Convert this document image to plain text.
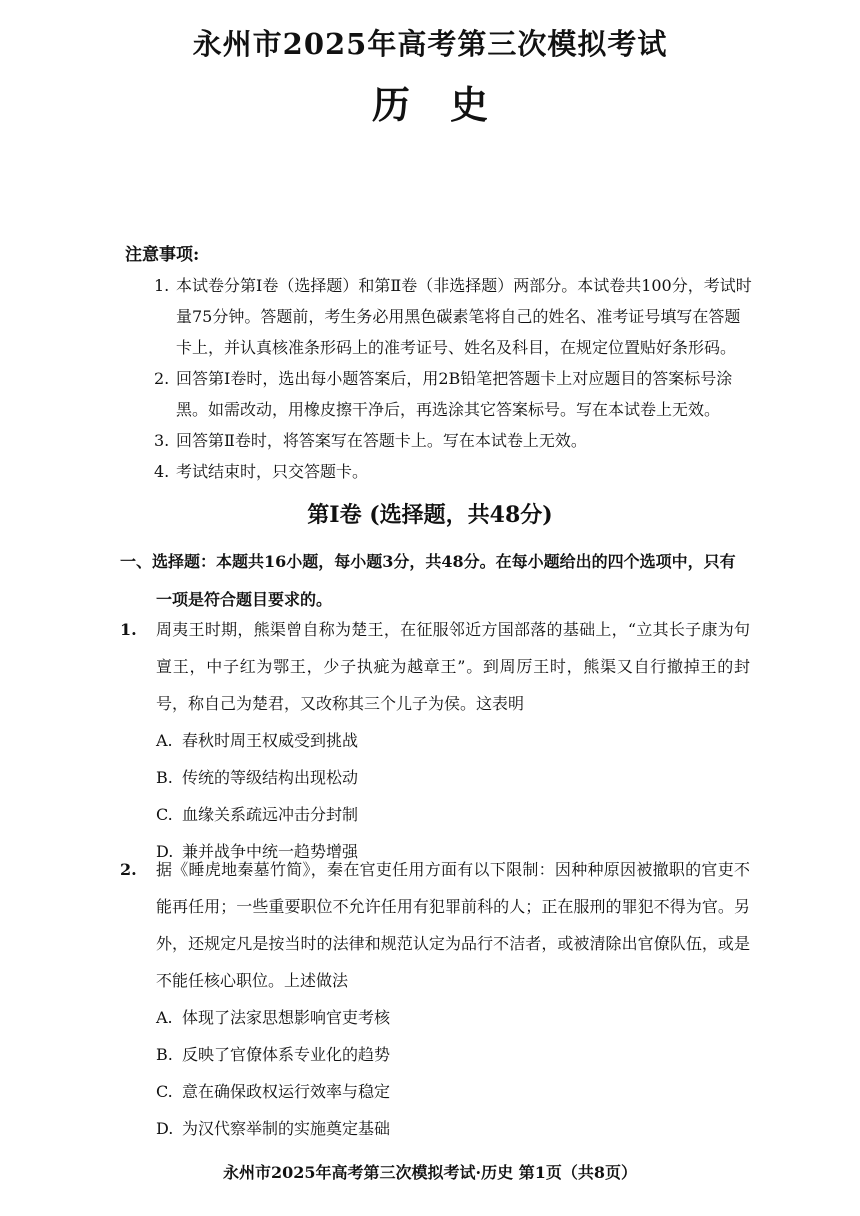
永州市2025年高考第三次模拟考试
历史
注意事项:
1. 本试卷分第Ⅰ卷（选择题）和第Ⅱ卷（非选择题）两部分。本试卷共100分，考试时量75分钟。答题前，考生务必用黑色碳素笔将自己的姓名、准考证号填写在答题卡上，并认真核准条形码上的准考证号、姓名及科目，在规定位置贴好条形码。
2. 回答第Ⅰ卷时，选出每小题答案后，用2B铅笔把答题卡上对应题目的答案标号涂黑。如需改动，用橡皮擦干净后，再选涂其它答案标号。写在本试卷上无效。
3. 回答第Ⅱ卷时，将答案写在答题卡上。写在本试卷上无效。
4. 考试结束时，只交答题卡。
第Ⅰ卷 (选择题，共48分)
一、选择题：本题共16小题，每小题3分，共48分。在每小题给出的四个选项中，只有
一项是符合题目要求的。
1.	周夷王时期，熊渠曾自称为楚王，在征服邻近方国部落的基础上，“立其长子康为句亶王，中子红为鄂王，少子执疵为越章王”。到周厉王时，熊渠又自行撤掉王的封号，称自己为楚君，又改称其三个儿子为侯。这表明
A. 春秋时周王权威受到挑战
B. 传统的等级结构出现松动
C. 血缘关系疏远冲击分封制
D. 兼并战争中统一趋势增强
2.	据《睡虎地秦墓竹简》，秦在官吏任用方面有以下限制：因种种原因被撤职的官吏不能再任用；一些重要职位不允许任用有犯罪前科的人；正在服刑的罪犯不得为官。另外，还规定凡是按当时的法律和规范认定为品行不洁者，或被清除出官僚队伍，或是不能任核心职位。上述做法
A. 体现了法家思想影响官吏考核
B. 反映了官僚体系专业化的趋势
C. 意在确保政权运行效率与稳定
D. 为汉代察举制的实施奠定基础
永州市2025年高考第三次模拟考试·历史 第1页（共8页）
